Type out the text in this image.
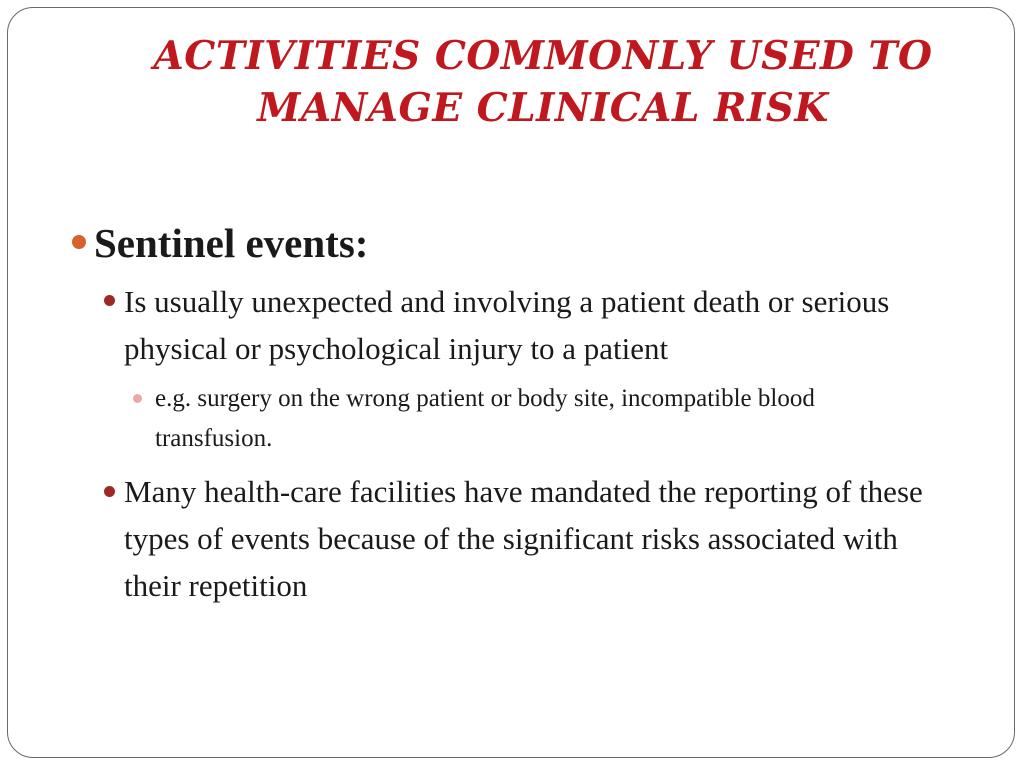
ACTIVITIES COMMONLY USED TO
MANAGE CLINICAL RISK
Sentinel events:
Is usually unexpected and involving a patient death or serious physical or psychological injury to a patient
e.g. surgery on the wrong patient or body site, incompatible blood transfusion.
Many health-care facilities have mandated the reporting of these types of events because of the significant risks associated with their repetition
